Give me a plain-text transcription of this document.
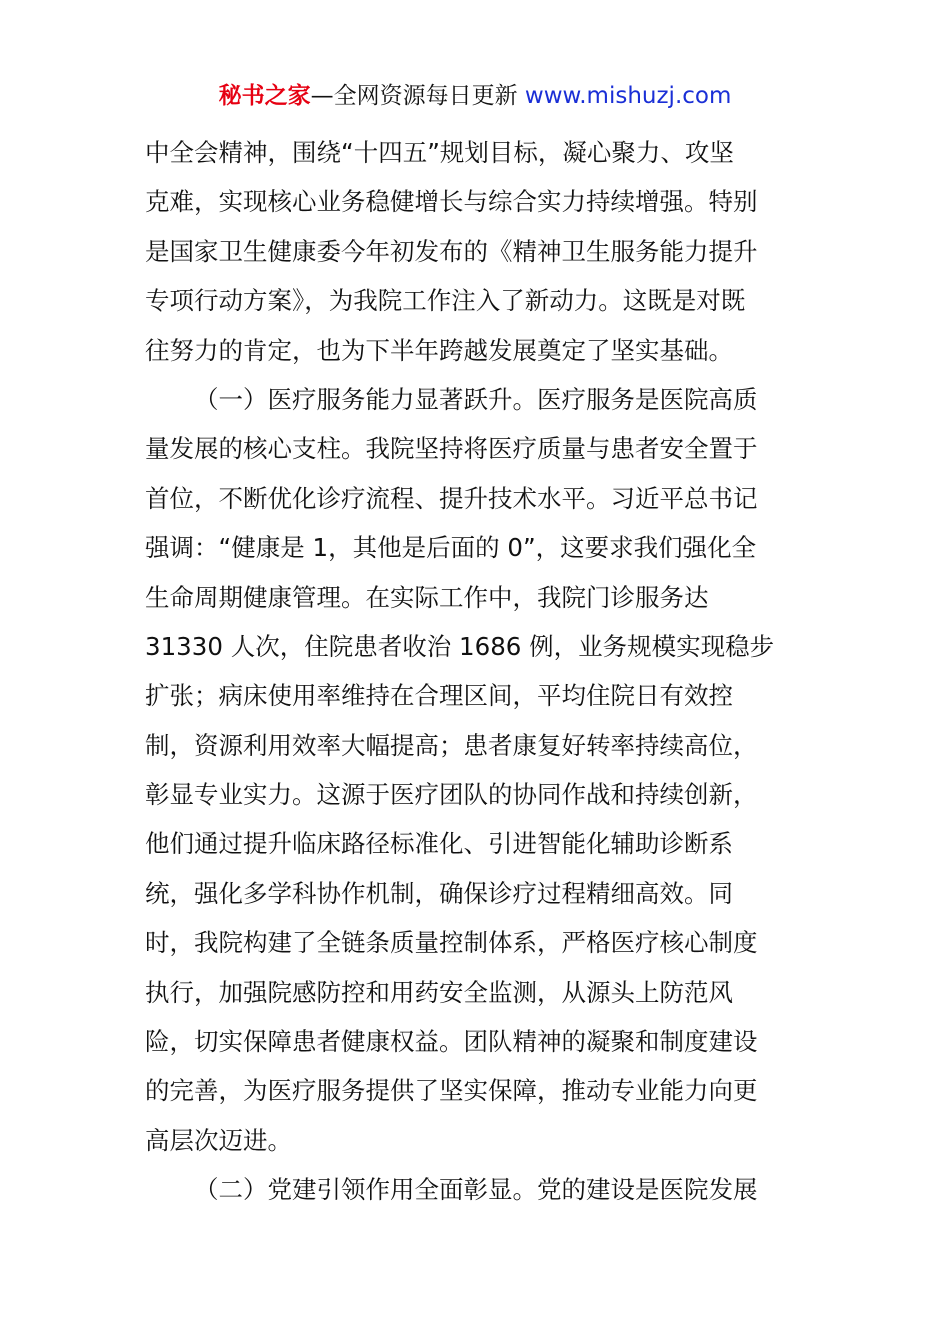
秘书之家—全网资源每日更新 www.mishuzj.com
中全会精神，围绕“十四五”规划目标，凝心聚力、攻坚
克难，实现核心业务稳健增长与综合实力持续增强。特别
是国家卫生健康委今年初发布的《精神卫生服务能力提升
专项行动方案》，为我院工作注入了新动力。这既是对既
往努力的肯定，也为下半年跨越发展奠定了坚实基础。
（一）医疗服务能力显著跃升。医疗服务是医院高质
量发展的核心支柱。我院坚持将医疗质量与患者安全置于
首位，不断优化诊疗流程、提升技术水平。习近平总书记
强调：“健康是 1，其他是后面的 0”，这要求我们强化全
生命周期健康管理。在实际工作中，我院门诊服务达
31330 人次，住院患者收治 1686 例，业务规模实现稳步
扩张；病床使用率维持在合理区间，平均住院日有效控
制，资源利用效率大幅提高；患者康复好转率持续高位，
彰显专业实力。这源于医疗团队的协同作战和持续创新，
他们通过提升临床路径标准化、引进智能化辅助诊断系
统，强化多学科协作机制，确保诊疗过程精细高效。同
时，我院构建了全链条质量控制体系，严格医疗核心制度
执行，加强院感防控和用药安全监测，从源头上防范风
险，切实保障患者健康权益。团队精神的凝聚和制度建设
的完善，为医疗服务提供了坚实保障，推动专业能力向更
高层次迈进。
（二）党建引领作用全面彰显。党的建设是医院发展
